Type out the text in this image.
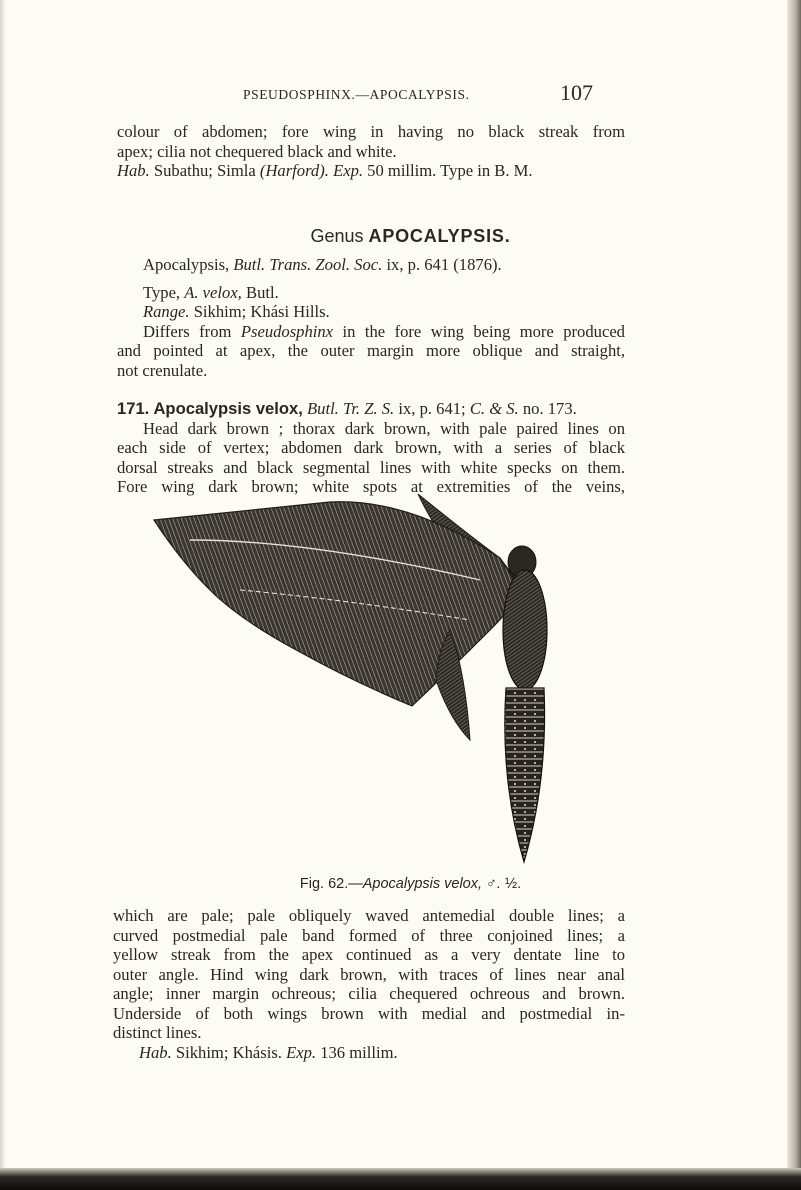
PSEUDOSPHINX.—APOCALYPSIS.	107
colour of abdomen; fore wing in having no black streak from
apex; cilia not chequered black and white.
Hab. Subathu; Simla (Harford). Exp. 50 millim. Type in B. M.
Genus APOCALYPSIS.
Apocalypsis, Butl. Trans. Zool. Soc. ix, p. 641 (1876).
Type, A. velox, Butl.
Range. Sikhim; Khási Hills.
Differs from Pseudosphinx in the fore wing being more produced
and pointed at apex, the outer margin more oblique and straight,
not crenulate.
171. Apocalypsis velox, Butl. Tr. Z. S. ix, p. 641; C. & S. no. 173.
Head dark brown ; thorax dark brown, with pale paired lines on
each side of vertex; abdomen dark brown, with a series of black
dorsal streaks and black segmental lines with white specks on them.
Fore wing dark brown; white spots at extremities of the veins,
Fig. 62.—Apocalypsis velox, ♂. ½.
which are pale; pale obliquely waved antemedial double lines; a
curved postmedial pale band formed of three conjoined lines; a
yellow streak from the apex continued as a very dentate line to
outer angle. Hind wing dark brown, with traces of lines near anal
angle; inner margin ochreous; cilia chequered ochreous and brown.
Underside of both wings brown with medial and postmedial in-
distinct lines.
Hab. Sikhim; Khásis. Exp. 136 millim.
